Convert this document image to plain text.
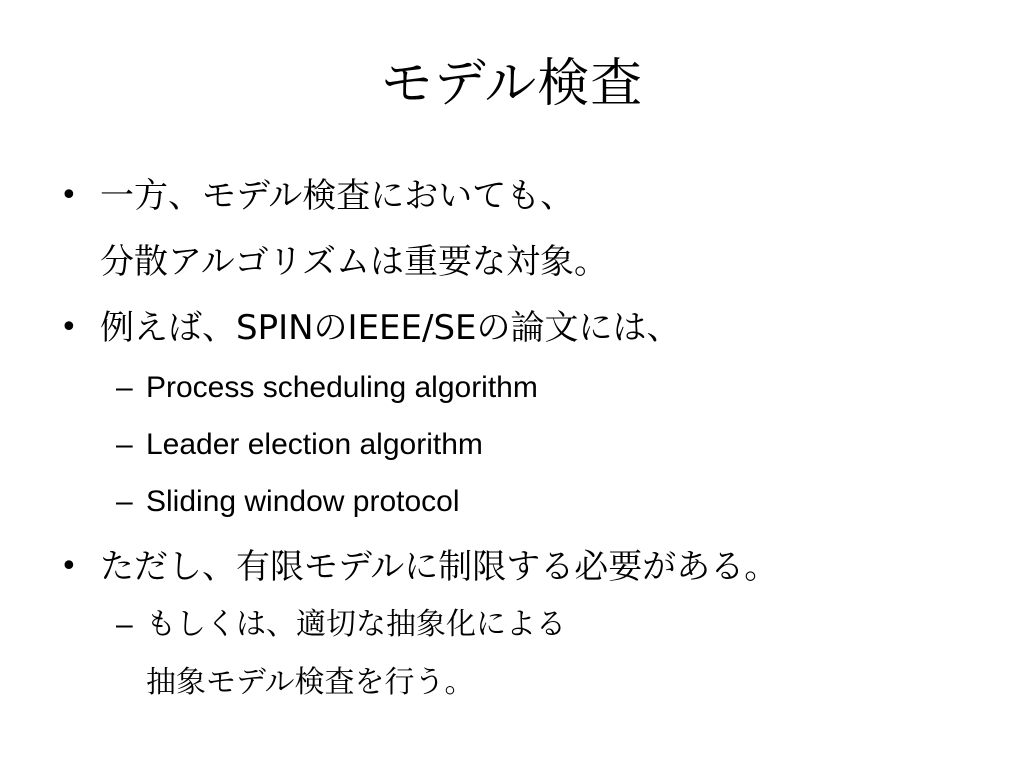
モデル検査
• 一方、モデル検査においても、
分散アルゴリズムは重要な対象。
• 例えば、SPINのIEEE/SEの論文には、
– Process scheduling algorithm
– Leader election algorithm
– Sliding window protocol
• ただし、有限モデルに制限する必要がある。
– もしくは、適切な抽象化による
抽象モデル検査を行う。
